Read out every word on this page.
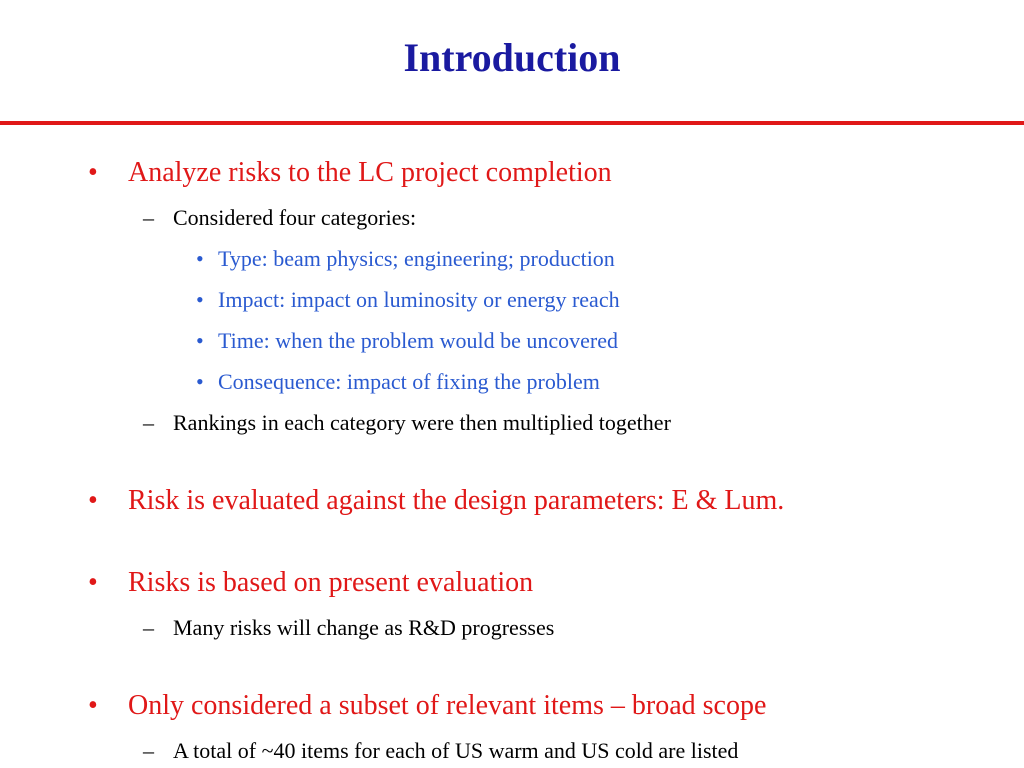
Introduction
• Analyze risks to the LC project completion
– Considered four categories:
• Type: beam physics; engineering; production
• Impact: impact on luminosity or energy reach
• Time: when the problem would be uncovered
• Consequence: impact of fixing the problem
– Rankings in each category were then multiplied together
• Risk is evaluated against the design parameters: E & Lum.
• Risks is based on present evaluation
– Many risks will change as R&D progresses
• Only considered a subset of relevant items – broad scope
– A total of ~40 items for each of US warm and US cold are listed
